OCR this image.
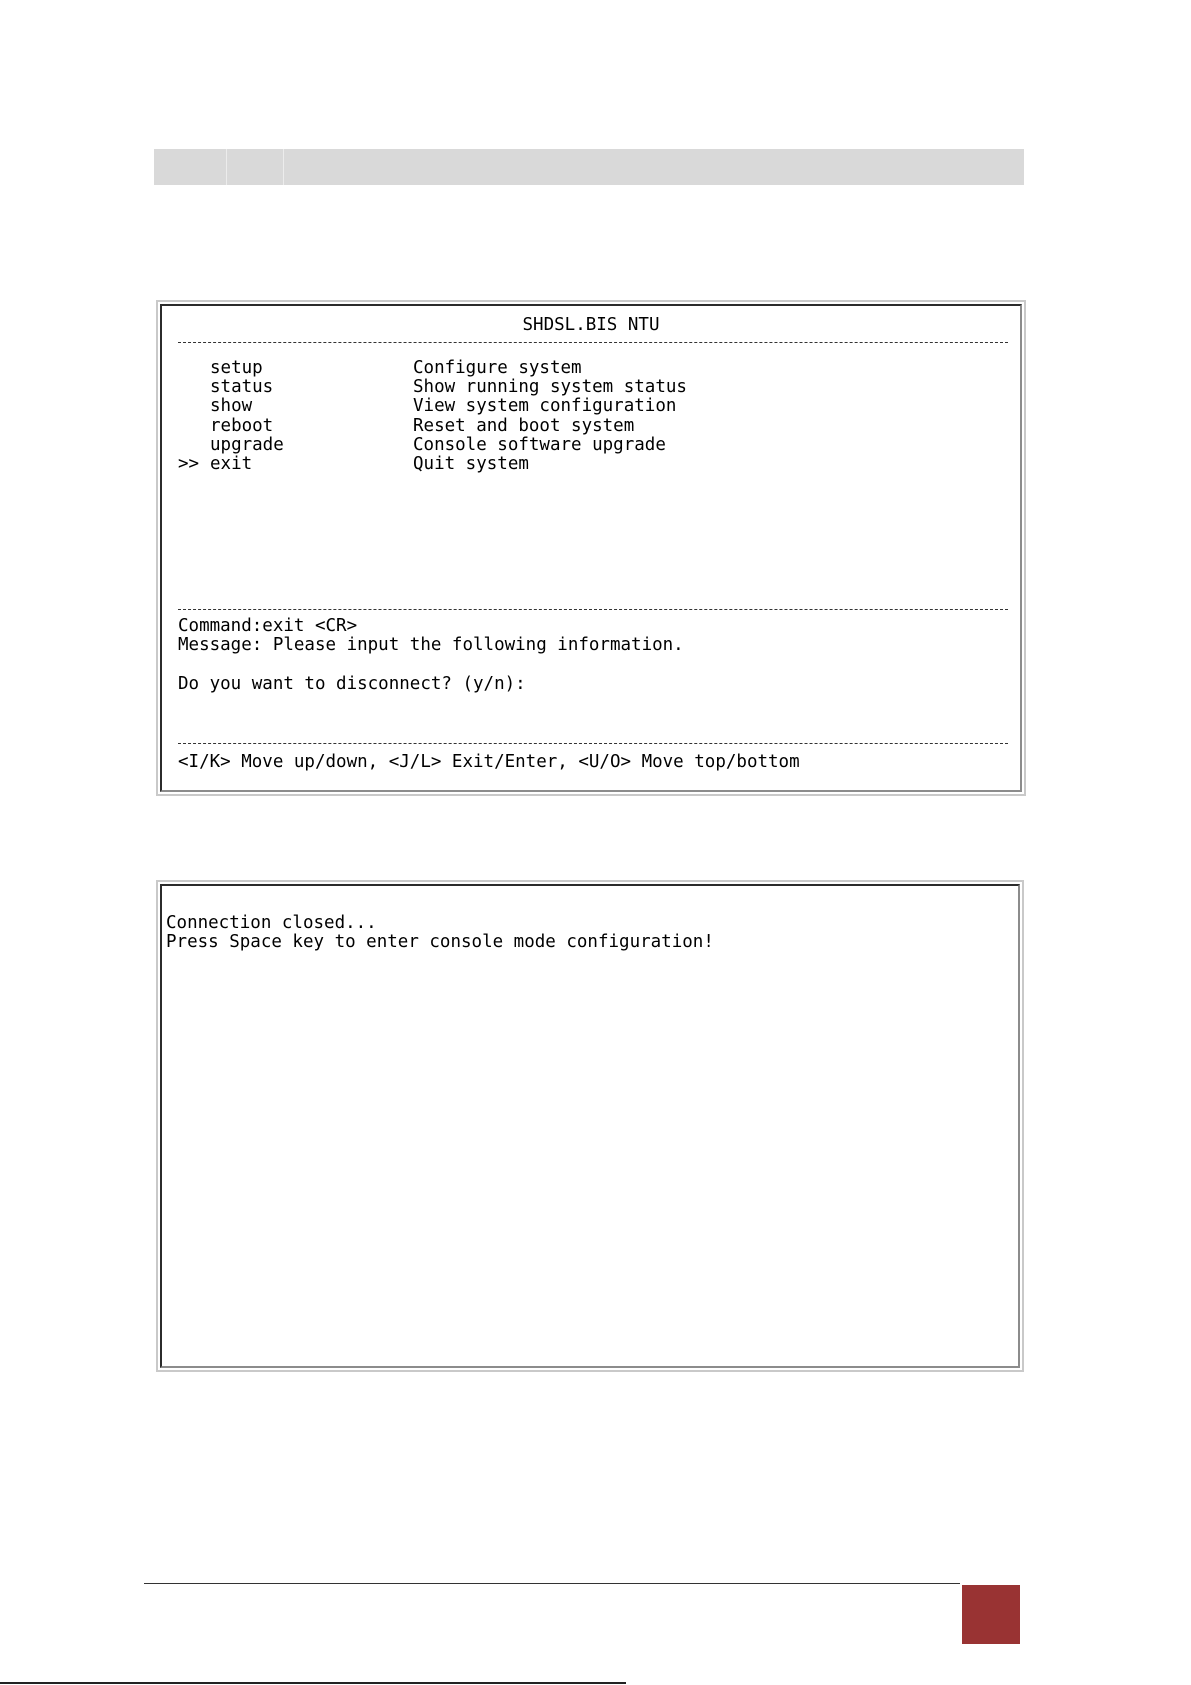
SHDSL.BIS NTU
setup	Configure system
status	Show running system status
show	View system configuration
reboot	Reset and boot system
upgrade	Console software upgrade
>> exit	Quit system
Command:exit <CR>
Message: Please input the following information.
Do you want to disconnect? (y/n):
<I/K> Move up/down, <J/L> Exit/Enter, <U/O> Move top/bottom
Connection closed...
Press Space key to enter console mode configuration!
